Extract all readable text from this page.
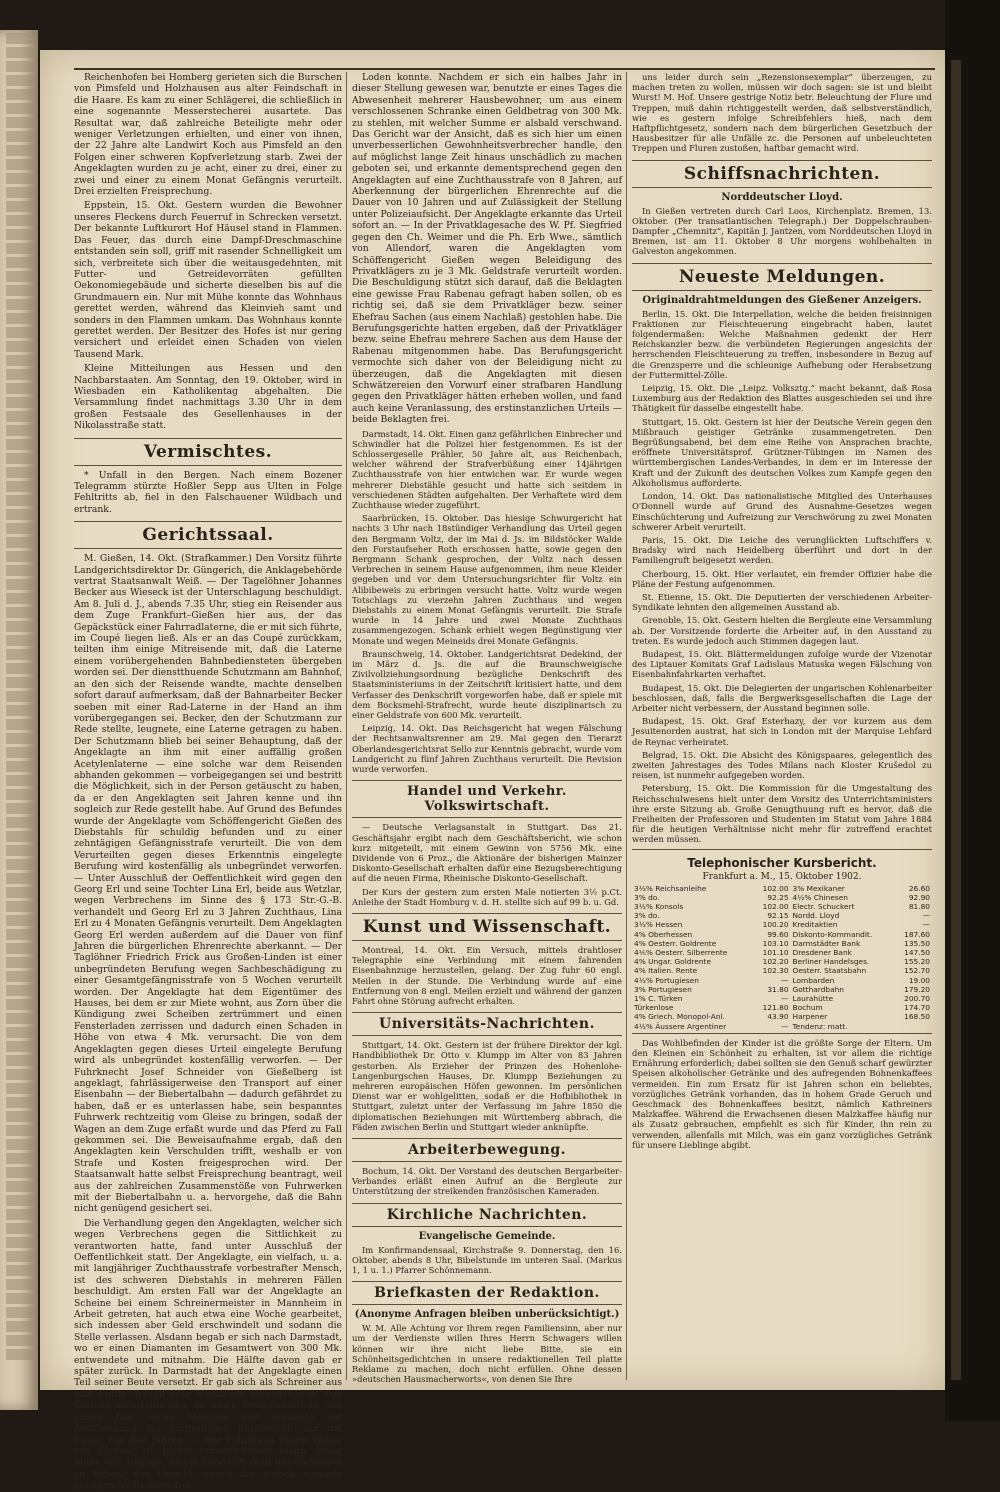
Reichenhofen bei Homberg gerieten sich die Burschen von Pimsfeld und Holzhausen aus alter Feindschaft in die Haare. Es kam zu einer Schlägerei, die schließlich in eine sogenannte Messerstecherei ausartete. Das Resultat war, daß zahlreiche Beteiligte mehr oder weniger Verletzungen erhielten, und einer von ihnen, der 22 Jahre alte Landwirt Koch aus Pimsfeld an den Folgen einer schweren Kopfverletzung starb. Zwei der Angeklagten wurden zu je acht, einer zu drei, einer zu zwei und einer zu einem Monat Gefängnis verurteilt. Drei erzielten Freisprechung.

Eppstein, 15. Okt. Gestern wurden die Bewohner unseres Fleckens durch Feuerruf in Schrecken versetzt. Der bekannte Luftkurort Hof Häusel stand in Flammen. Das Feuer, das durch eine Dampf-Dreschmaschine entstanden sein soll, griff mit rasender Schnelligkeit um sich, verbreitete sich über die weitausgedehnten, mit Futter- und Getreidevorräten gefüllten Oekonomiegebäude und sicherte dieselben bis auf die Grundmauern ein. Nur mit Mühe konnte das Wohnhaus gerettet werden, während das Kleinvieh samt und sonders in den Flammen umkam. Das Wohnhaus konnte gerettet werden. Der Besitzer des Hofes ist nur gering versichert und erleidet einen Schaden von vielen Tausend Mark.

Kleine Mitteilungen aus Hessen und den Nachbarstaaten. Am Sonntag, den 19. Oktober, wird in Wiesbaden ein Katholikentag abgehalten. Die Versammlung findet nachmittags 3.30 Uhr in dem großen Festsaale des Gesellenhauses in der Nikolasstraße statt.

Vermischtes.

* Unfall in den Bergen. Nach einem Bozener Telegramm stürzte Hoßler Sepp aus Ulten in Folge Fehltritts ab, fiel in den Falschauener Wildbach und ertrank.

Gerichtssaal.

M. Gießen, 14. Okt. (Strafkammer.) Den Vorsitz führte Landgerichtsdirektor Dr. Güngerich, die Anklagebehörde vertrat Staatsanwalt Weiß. — Der Tagelöhner Johannes Becker aus Wieseck ist der Unterschlagung beschuldigt. Am 8. Juli d. J., abends 7.35 Uhr, stieg ein Reisender aus dem Zuge Frankfurt–Gießen hier aus, der das Gepäckstück einer Fahrradlaterne, die er mit sich führte, im Coupé liegen ließ. Als er an das Coupé zurückkam, teilten ihm einige Mitreisende mit, daß die Laterne einem vorübergehenden Bahnbediensteten übergeben worden sei. Der dienstthuende Schutzmann am Bahnhof, an den sich der Reisende wandte, machte denselben sofort darauf aufmerksam, daß der Bahnarbeiter Becker soeben mit einer Rad-Laterne in der Hand an ihm vorübergegangen sei. Becker, den der Schutzmann zur Rede stellte, leugnete, eine Laterne getragen zu haben. Der Schutzmann blieb bei seiner Behauptung, daß der Angeklagte an ihm mit einer auffällig großen Acetylenlaterne — eine solche war dem Reisenden abhanden gekommen — vorbeigegangen sei und bestritt die Möglichkeit, sich in der Person getäuscht zu haben, da er den Angeklagten seit Jahren kenne und ihn sogleich zur Rede gestellt habe. Auf Grund des Befundes wurde der Angeklagte vom Schöffengericht Gießen des Diebstahls für schuldig befunden und zu einer zehntägigen Gefängnisstrafe verurteilt. Die von dem Verurteilten gegen dieses Erkenntnis eingelegte Berufung wird kostenfällig als unbegründet verworfen. — Unter Ausschluß der Oeffentlichkeit wird gegen den Georg Erl und seine Tochter Lina Erl, beide aus Wetzlar, wegen Verbrechens im Sinne des § 173 Str.-G.-B. verhandelt und Georg Erl zu 3 Jahren Zuchthaus, Lina Erl zu 4 Monaten Gefängnis verurteilt. Dem Angeklagten Georg Erl werden außerdem auf die Dauer von fünf Jahren die bürgerlichen Ehrenrechte aberkannt. — Der Taglöhner Friedrich Frick aus Großen-Linden ist einer unbegründeten Berufung wegen Sachbeschädigung zu einer Gesamtgefängnisstrafe von 5 Wochen verurteilt worden. Der Angeklagte hat dem Eigentümer des Hauses, bei dem er zur Miete wohnt, aus Zorn über die Kündigung zwei Scheiben zertrümmert und einen Fensterladen zerrissen und dadurch einen Schaden in Höhe von etwa 4 Mk. verursacht. Die von dem Angeklagten gegen dieses Urteil eingelegte Berufung wird als unbegründet kostenfällig verworfen. — Der Fuhrknecht Josef Schneider von Gießelberg ist angeklagt, fahrlässigerweise den Transport auf einer Eisenbahn — der Biebertalbahn — dadurch gefährdet zu haben, daß er es unterlassen habe, sein bespanntes Fuhrwerk rechtzeitig vom Gleise zu bringen, sodaß der Wagen an dem Zuge erfaßt wurde und das Pferd zu Fall gekommen sei. Die Beweisaufnahme ergab, daß den Angeklagten kein Verschulden trifft, weshalb er von Strafe und Kosten freigesprochen wird. Der Staatsanwalt hatte selbst Freisprechung beantragt, weil aus der zahlreichen Zusammenstöße von Fuhrwerken mit der Biebertalbahn u. a. hervorgehe, daß die Bahn nicht genügend gesichert sei.

Die Verhandlung gegen den Angeklagten, welcher sich wegen Verbrechens gegen die Sittlichkeit zu verantworten hatte, fand unter Ausschluß der Oeffentlichkeit statt. Der Angeklagte, ein vielfach, u. a. mit langjähriger Zuchthausstrafe vorbestrafter Mensch, ist des schweren Diebstahls in mehreren Fällen beschuldigt. Am ersten Fall war der Angeklagte an Scheine bei einem Schreinermeister in Mannheim in Arbeit getreten, hat auch etwa eine Woche gearbeitet, sich indessen aber Geld erschwindelt und sodann die Stelle verlassen. Alsdann begab er sich nach Darmstadt, wo er einen Diamanten im Gesamtwert von 300 Mk. entwendete und mitnahm. Die Hälfte davon gab er später zurück. In Darmstadt hat der Angeklagte einen Teil seiner Beute versetzt. Er gab sich als Schreiner aus und wurde überall sehr freundlich aufgenommen. Das Gericht verurteilte ihn zu einer Zuchthausstrafe von einem Jahr sechs Monaten und erkannte auf Aberkennung der bürgerlichen Ehrenrechte auf die Dauer von drei Jahren. — Der Fuhrmann Georg Weber von Gießen, ein bisher unbescholtener Mann, stand unter der Anklage, einem Landwirt Geld unterschlagen zu haben; das Gericht sprach ihn jedoch mangels genügender Beweise frei.

Loden konnte. Nachdem er sich ein halbes Jahr in dieser Stellung gewesen war, benutzte er eines Tages die Abwesenheit mehrerer Hausbewohner, um aus einem verschlossenen Schranke einen Geldbetrag von 300 Mk. zu stehlen, mit welcher Summe er alsbald verschwand. Das Gericht war der Ansicht, daß es sich hier um einen unverbesserlichen Gewohnheitsverbrecher handle, den auf möglichst lange Zeit hinaus unschädlich zu machen geboten sei, und erkannte dementsprechend gegen den Angeklagten auf eine Zuchthausstrafe von 8 Jahren, auf Aberkennung der bürgerlichen Ehrenrechte auf die Dauer von 10 Jahren und auf Zulässigkeit der Stellung unter Polizeiaufsicht. Der Angeklagte erkannte das Urteil sofort an. — In der Privatklagesache des W. Pf. Siegfried gegen den Ch. Weimer und die Ph. Erb Wwe., sämtlich von Allendorf, waren die Angeklagten vom Schöffengericht Gießen wegen Beleidigung des Privatklägers zu je 3 Mk. Geldstrafe verurteilt worden. Die Beschuldigung stützt sich darauf, daß die Beklagten eine gewisse Frau Rabenau gefragt haben sollen, ob es richtig sei, daß sie dem Privatkläger bezw. seiner Ehefrau Sachen (aus einem Nachlaß) gestohlen habe. Die Berufungsgerichte hatten ergeben, daß der Privatkläger bezw. seine Ehefrau mehrere Sachen aus dem Hause der Rabenau mitgenommen habe. Das Berufungsgericht vermochte sich daher von der Beleidigung nicht zu überzeugen, daß die Angeklagten mit diesen Schwätzereien den Vorwurf einer strafbaren Handlung gegen den Privatkläger hätten erheben wollen, und fand auch keine Veranlassung, des erstinstanzlichen Urteils — beide Beklagten frei.

Darmstadt, 14. Okt. Einen ganz gefährlichen Einbrecher und Schwindler hat die Polizei hier festgenommen. Es ist der Schlossergeselle Prähler, 50 Jahre alt, aus Reichenbach, welcher während der Strafverbüßung einer 14jährigen Zuchthausstrafe von hier entwichen war. Er wurde wegen mehrerer Diebstähle gesucht und hatte sich seitdem in verschiedenen Städten aufgehalten. Der Verhaftete wird dem Zuchthause wieder zugeführt.

Saarbrücken, 15. Oktober. Das hiesige Schwurgericht hat nachts 3 Uhr nach 18stündiger Verhandlung das Urteil gegen den Bergmann Voltz, der im Mai d. Js. im Bildstöcker Walde den Forstaufseher Roth erschossen hatte, sowie gegen den Bergmann Schank gesprochen, der Voltz nach dessen Verbrechen in seinem Hause aufgenommen, ihm neue Kleider gegeben und vor dem Untersuchungsrichter für Voltz ein Alibibeweis zu erbringen versucht hatte. Voltz wurde wegen Totschlags zu vierzehn Jahren Zuchthaus und wegen Diebstahls zu einem Monat Gefängnis verurteilt. Die Strafe wurde in 14 Jahre und zwei Monate Zuchthaus zusammengezogen. Schank erhielt wegen Begünstigung vier Monate und wegen Meineids drei Monate Gefängnis.

Braunschweig, 14. Oktober. Landgerichtsrat Dedekind, der im März d. Js. die auf die Braunschweigische Zivilvollziehungsordnung bezügliche Denkschrift des Staatsministeriums in der Zeitschrift kritisiert hatte, und dem Verfasser des Denkschrift vorgeworfen habe, daß er spiele mit dem Bocksmehl-Strafrecht, wurde heute disziplinarisch zu einer Geldstrafe von 600 Mk. verurteilt.

Leipzig, 14. Okt. Das Reichsgericht hat wegen Fälschung der Rechtsanwaltsrenner am 29. Mai gegen den Tierarzt Oberlandesgerichtsrat Sello zur Kenntnis gebracht, wurde vom Landgericht zu fünf Jahren Zuchthaus verurteilt. Die Revision wurde verworfen.

Handel und Verkehr. Volkswirtschaft.

— Deutsche Verlagsanstalt in Stuttgart. Das 21. Geschäftsjahr ergibt nach dem Geschäftsbericht, wie schon kurz mitgeteilt, mit einem Gewinn von 5756 Mk. eine Dividende von 6 Proz., die Aktionäre der bisherigen Mainzer Diskonto-Gesellschaft erhalten dafür eine Bezugsberechtigung auf die neuen Firma, Rheinische Diskonto-Gesellschaft.

Der Kurs der gestern zum ersten Male notierten 3½ p.Ct. Anleihe der Stadt Homburg v. d. H. stellte sich auf 99 b. u. Gd.

Kunst und Wissenschaft.

Montreal, 14. Okt. Ein Versuch, mittels drahtloser Telegraphie eine Verbindung mit einem fahrenden Eisenbahnzuge herzustellen, gelang. Der Zug fuhr 60 engl. Meilen in der Stunde. Die Verbindung wurde auf eine Entfernung von 8 engl. Meilen erzielt und während der ganzen Fahrt ohne Störung aufrecht erhalten.

Universitäts-Nachrichten.

Stuttgart, 14. Okt. Gestern ist der frühere Direktor der kgl. Handbibliothek Dr. Otto v. Klumpp im Alter von 83 Jahren gestorben. Als Erzieher der Prinzen des Hohenlohe-Langenburgschen Hauses, Dr. Klumpp Beziehungen zu mehreren europäischen Höfen gewonnen. Im persönlichen Dienst war er wohlgelitten, sodaß er die Hofbibliothek in Stuttgart, zuletzt unter der Verfassung im Jahre 1850 die diplomatischen Beziehungen mit Württemberg abbrach, die Fäden zwischen Berlin und Stuttgart wieder anknüpfte.

Arbeiterbewegung.

Bochum, 14. Okt. Der Vorstand des deutschen Bergarbeiter-Verbandes erläßt einen Aufruf an die Bergleute zur Unterstützung der streikenden französischen Kameraden.

Kirchliche Nachrichten.
Evangelische Gemeinde.

Im Konfirmandensaal, Kirchstraße 9. Donnerstag, den 16. Oktober, abends 8 Uhr, Bibelstunde im unteren Saal. (Markus 1, 1 u. 1.) Pfarrer Schönnemann.

Briefkasten der Redaktion.
(Anonyme Anfragen bleiben unberücksichtigt.)

W. M. Alle Achtung vor Ihrem regen Familiensinn, aber nur um der Verdienste willen Ihres Herrn Schwagers willen können wir ihre nicht liebe Bitte, sie ein Schönheitsgedichtchen in unsere redaktionellen Teil platte Reklame zu machen, doch nicht erfüllen. Ohne dessen »deutschen Hausmacherworts«, von denen Sie Ihre

uns leider durch sein „Rezensionsexemplar“ überzeugen, zu machen treten zu wollen, müssen wir doch sagen: sie ist und bleibt Wurst! M. Hof. Unsere gestrige Notiz betr. Beleuchtung der Flure und Treppen, muß dahin richtiggestellt werden, daß selbstverständlich, wie es gestern infolge Schreibfehlers hieß, nach dem Haftpflichtgesetz, sondern nach dem bürgerlichen Gesetzbuch der Hausbesitzer für alle Unfälle zc. die Personen auf unbeleuchteten Treppen und Fluren zustoßen, haftbar gemacht wird.

Schiffsnachrichten.
Norddeutscher Lloyd.

In Gießen vertreten durch Carl Loos, Kirchenplatz. Bremen, 13. Oktober. (Per transatlantischen Telegraph.) Der Doppelschrauben-Dampfer „Chemnitz“, Kapitän J. Jantzen, vom Norddeutschen Lloyd in Bremen, ist am 11. Oktober 8 Uhr morgens wohlbehalten in Galveston angekommen.

Neueste Meldungen.
Originaldrahtmeldungen des Gießener Anzeigers.

Berlin, 15. Okt. Die Interpellation, welche die beiden freisinnigen Fraktionen zur Fleischteuerung eingebracht haben, lautet folgendermaßen: Welche Maßnahmen gedenkt der Herr Reichskanzler bezw. die verbündeten Regierungen angesichts der herrschenden Fleischteuerung zu treffen, insbesondere in Bezug auf die Grenzsperre und die schleunige Aufhebung oder Herabsetzung der Futtermittel-Zölle.

Leipzig, 15. Okt. Die „Leipz. Volksztg.“ macht bekannt, daß Rosa Luxemburg aus der Redaktion des Blattes ausgeschieden sei und ihre Thätigkeit für dasselbe eingestellt habe.

Stuttgart, 15. Okt. Gestern ist hier der Deutsche Verein gegen den Mißbrauch geistiger Getränke zusammengetreten. Den Begrüßungsabend, bei dem eine Reihe von Ansprachen brachte, eröffnete Universitätsprof. Grützner-Tübingen im Namen des württembergischen Landes-Verbandes, in dem er im Interesse der Kraft und der Zukunft des deutschen Volkes zum Kampfe gegen den Alkoholismus aufforderte.

London, 14. Okt. Das nationalistische Mitglied des Unterhauses O'Donnell wurde auf Grund des Ausnahme-Gesetzes wegen Einschüchterung und Aufreizung zur Verschwörung zu zwei Monaten schwerer Arbeit verurteilt.

Paris, 15. Okt. Die Leiche des verunglückten Luftschiffers v. Bradsky wird nach Heidelberg überführt und dort in der Familiengruft beigesetzt werden.

Cherbourg, 15. Okt. Hier verlautet, ein fremder Offizier habe die Pläne der Festung aufgenommen.

St. Etienne, 15. Okt. Die Deputierten der verschiedenen Arbeiter-Syndikate lehnten den allgemeinen Ausstand ab.

Grenoble, 15. Okt. Gestern hielten die Bergleute eine Versammlung ab. Der Vorsitzende forderte die Arbeiter auf, in den Ausstand zu treten. Es wurde jedoch auch Stimmen dagegen laut.

Budapest, 15. Okt. Blättermeldungen zufolge wurde der Vizenotar des Liptauer Komitats Graf Ladislaus Matuska wegen Fälschung von Eisenbahnfahrkarten verhaftet.

Budapest, 15. Okt. Die Delegierten der ungarischen Kohlenarbeiter beschlossen, daß, falls die Bergwerksgesellschaften die Lage der Arbeiter nicht verbessern, der Ausstand beginnen solle.

Budapest, 15. Okt. Graf Esterhazy, der vor kurzem aus dem Jesuitenorden austrat, hat sich in London mit der Marquise Lehfard de Reynac verheiratet.

Belgrad, 15. Okt. Die Absicht des Königspaares, gelegentlich des zweiten Jahrestages des Todes Milans nach Kloster Krušedol zu reisen, ist nunmehr aufgegeben worden.

Petersburg, 15. Okt. Die Kommission für die Umgestaltung des Reichsschulwesens hielt unter dem Vorsitz des Unterrichtsministers ihre erste Sitzung ab. Große Genugthuung ruft es hervor, daß die Freiheiten der Professoren und Studenten im Statut vom Jahre 1884 für die heutigen Verhältnisse nicht mehr für zutreffend erachtet werden müssen.

Telephonischer Kursbericht.
Frankfurt a. M., 15. Oktober 1902.
3½% Reichsanleihe	102.00	3% Mexikaner	26.60
3% do.	92.25	4½% Chinesen	92.90
3½% Konsols	102.00	Electr. Schuckert	81.80
3% do.	92.15	Nordd. Lloyd	—
3½% Hessen	100.20	Kreditaktien	—
4% Oberhessen	99.60	Diskonto-Kommandit.	187.60
4% Oesterr. Goldrente	103.10	Darmstädter Bank	135.50
4⅕% Oesterr. Silberrente	101.10	Dresdener Bank	147.50
4% Ungar. Goldrente	102.20	Berliner Handelsges.	155.20
4% Italien. Rente	102.30	Oesterr. Staatsbahn	152.70
4½% Portugiesen	—	Lombarden	19.00
3% Portugiesen	31.80	Gotthardbahn	179.20
1% C. Türken	—	Laurahütte	200.70
Türkenlose	121.80	Bochum	174.70
4% Griech. Monopol-Anl.	43.90	Harpener	168.50
4½% Äussere Argentiner	—	Tendenz: matt.	

Das Wohlbefinden der Kinder ist die größte Sorge der Eltern. Um den Kleinen ein Schönheit zu erhalten, ist vor allem die richtige Ernährung erforderlich; dabei sollten sie den Genuß scharf gewürzter Speisen alkoholischer Getränke und des aufregenden Bohnenkaffees vermeiden. Ein zum Ersatz für ist Jahren schon ein beliebtes, vorzügliches Getränk vorhanden, das in hohem Grade Geruch und Geschmack des Bohnenkaffees besitzt, nämlich Kathreiners Malzkaffee. Während die Erwachsenen diesen Malzkaffee häufig nur als Zusatz gebrauchen, empfiehlt es sich für Kinder, ihn rein zu verwenden, allenfalls mit Milch, was ein ganz vorzügliches Getränk für unsere Lieblinge abgibt.
